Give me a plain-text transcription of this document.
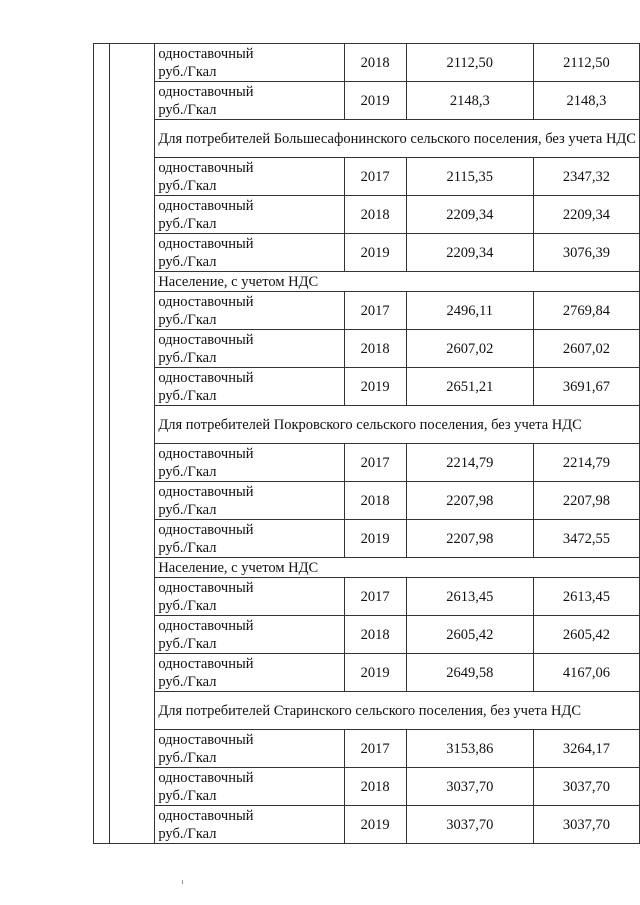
		одноставочный
руб./Гкал	2018	2112,50	2112,50

		одноставочный
руб./Гкал	2019	2148,3	2148,3
		Для потребителей Большесафонинского сельского поселения, без учета НДС			

		одноставочный
руб./Гкал	2017	2115,35	2347,32

		одноставочный
руб./Гкал	2018	2209,34	2209,34

		одноставочный
руб./Гкал	2019	2209,34	3076,39
		Население, с учетом НДС			

		одноставочный
руб./Гкал	2017	2496,11	2769,84

		одноставочный
руб./Гкал	2018	2607,02	2607,02

		одноставочный
руб./Гкал	2019	2651,21	3691,67
		Для потребителей Покровского сельского поселения, без учета НДС			

		одноставочный
руб./Гкал	2017	2214,79	2214,79

		одноставочный
руб./Гкал	2018	2207,98	2207,98

		одноставочный
руб./Гкал	2019	2207,98	3472,55
		Население, с учетом НДС			

		одноставочный
руб./Гкал	2017	2613,45	2613,45

		одноставочный
руб./Гкал	2018	2605,42	2605,42

		одноставочный
руб./Гкал	2019	2649,58	4167,06
		Для потребителей Старинского сельского поселения, без учета НДС			

		одноставочный
руб./Гкал	2017	3153,86	3264,17

		одноставочный
руб./Гкал	2018	3037,70	3037,70

		одноставочный
руб./Гкал	2019	3037,70	3037,70
